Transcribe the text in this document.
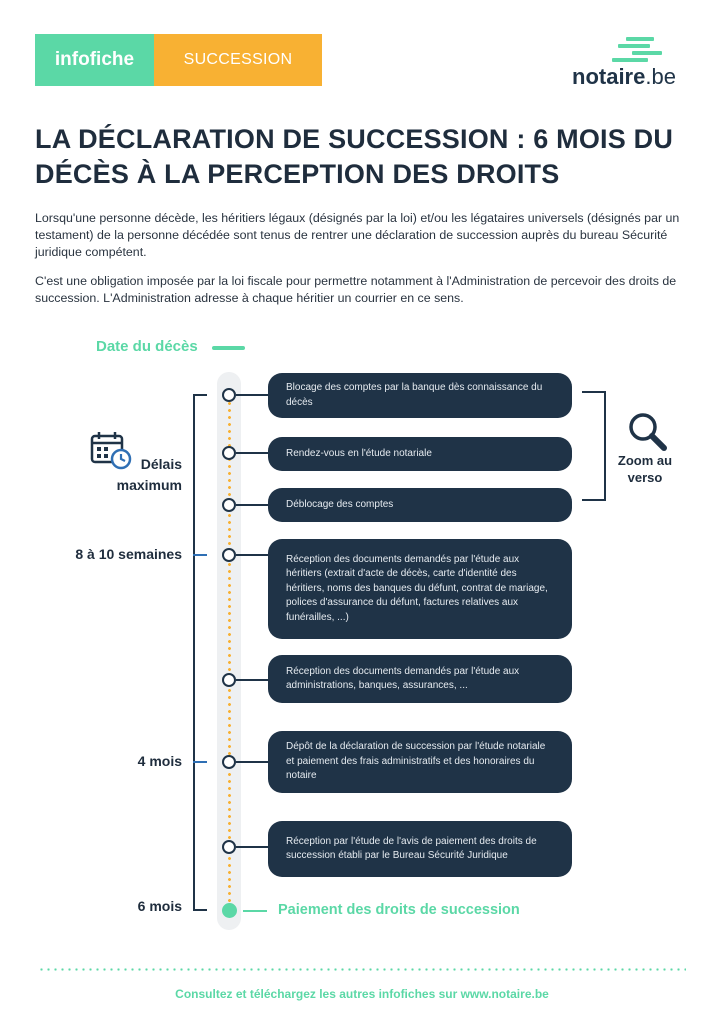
infofiche	SUCCESSION
notaire.be
LA DÉCLARATION DE SUCCESSION : 6 MOIS DU DÉCÈS À LA PERCEPTION DES DROITS

Lorsqu'une personne décède, les héritiers légaux (désignés par la loi) et/ou les légataires universels (désignés par un testament) de la personne décédée sont tenus de rentrer une déclaration de succession auprès du bureau Sécurité juridique compétent.

C'est une obligation imposée par la loi fiscale pour permettre notamment à l'Administration de percevoir des droits de succession. L'Administration adresse à chaque héritier un courrier en ce sens.

Date du décès
Délais maximum
8 à 10 semaines
4 mois
6 mois
Blocage des comptes par la banque dès connaissance du décès
Rendez-vous en l'étude notariale
Déblocage des comptes
Réception des documents demandés par l'étude aux héritiers (extrait d'acte de décès, carte d'identité des héritiers, noms des banques du défunt, contrat de mariage, polices d'assurance du défunt, factures relatives aux funérailles, ...)
Réception des documents demandés par l'étude aux administrations, banques, assurances, ...
Dépôt de la déclaration de succession par l'étude notariale et paiement des frais administratifs et des honoraires du notaire
Réception par l'étude de l'avis de paiement des droits de succession établi par le Bureau Sécurité Juridique
Zoom au verso
Paiement des droits de succession
Consultez et téléchargez les autres infofiches sur www.notaire.be
